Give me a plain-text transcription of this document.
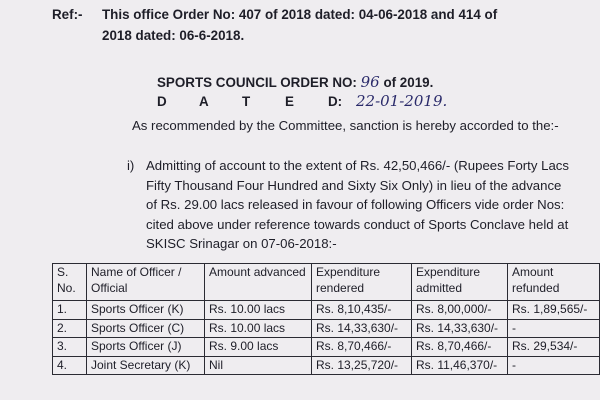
Ref:- This office Order No: 407 of 2018 dated: 04-06-2018 and 414 of
2018 dated: 06-6-2018.
SPORTS COUNCIL ORDER NO: 96 of 2019.
D A T	E	D: 22-01-2019.
As recommended by the Committee, sanction is hereby accorded to the:-
i) Admitting of account to the extent of Rs. 42,50,466/- (Rupees Forty Lacs Fifty Thousand Four Hundred and Sixty Six Only) in lieu of the advance of Rs. 29.00 lacs released in favour of following Officers vide order Nos: cited above under reference towards conduct of Sports Conclave held at SKISC Srinagar on 07-06-2018:-
S. No.	Name of Officer / Official	Amount advanced	Expenditure rendered	Expenditure admitted	Amount refunded
1.	Sports Officer (K)	Rs. 10.00 lacs	Rs. 8,10,435/-	Rs. 8,00,000/-	Rs. 1,89,565/-
2.	Sports Officer (C)	Rs. 10.00 lacs	Rs. 14,33,630/-	Rs. 14,33,630/-	-
3.	Sports Officer (J)	Rs. 9.00 lacs	Rs. 8,70,466/-	Rs. 8,70,466/-	Rs. 29,534/-
4.	Joint Secretary (K)	Nil	Rs. 13,25,720/-	Rs. 11,46,370/-	-
